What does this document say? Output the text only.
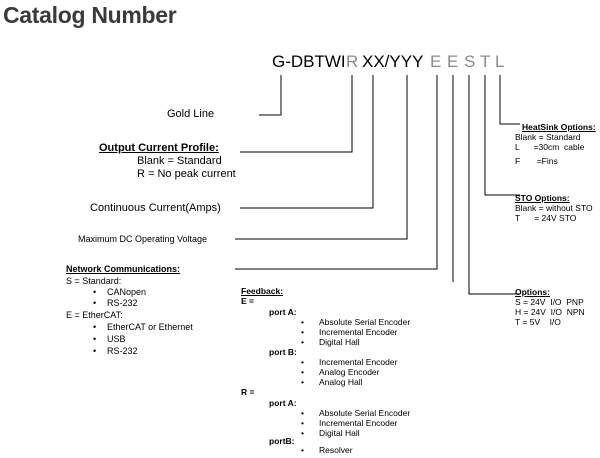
Catalog Number
G-DBTWI R XX/YYY E E S T L
Gold Line
Output Current Profile:
Blank = Standard
R = No peak current
Continuous Current(Amps)
Maximum DC Operating Voltage
Network Communications:
S = Standard:
• CANopen
• RS-232
E = EtherCAT:
• EtherCAT or Ethernet
• USB
• RS-232
HeatSink Options:
Blank = Standard
L      =30cm  cable
F       =Fins
STO Options:
Blank = without STO
T      = 24V STO
Options:
S = 24V  I/O  PNP
H = 24V  I/O  NPN
T = 5V    I/O
Feedback:
E =
port A:
• Absolute Serial Encoder
• Incremental Encoder
• Digital Hall
port B:
• Incremental Encoder
• Analog Encoder
• Analog Hall
R =
port A:
• Absolute Serial Encoder
• Incremental Encoder
• Digital Hall
portB:
• Resolver
